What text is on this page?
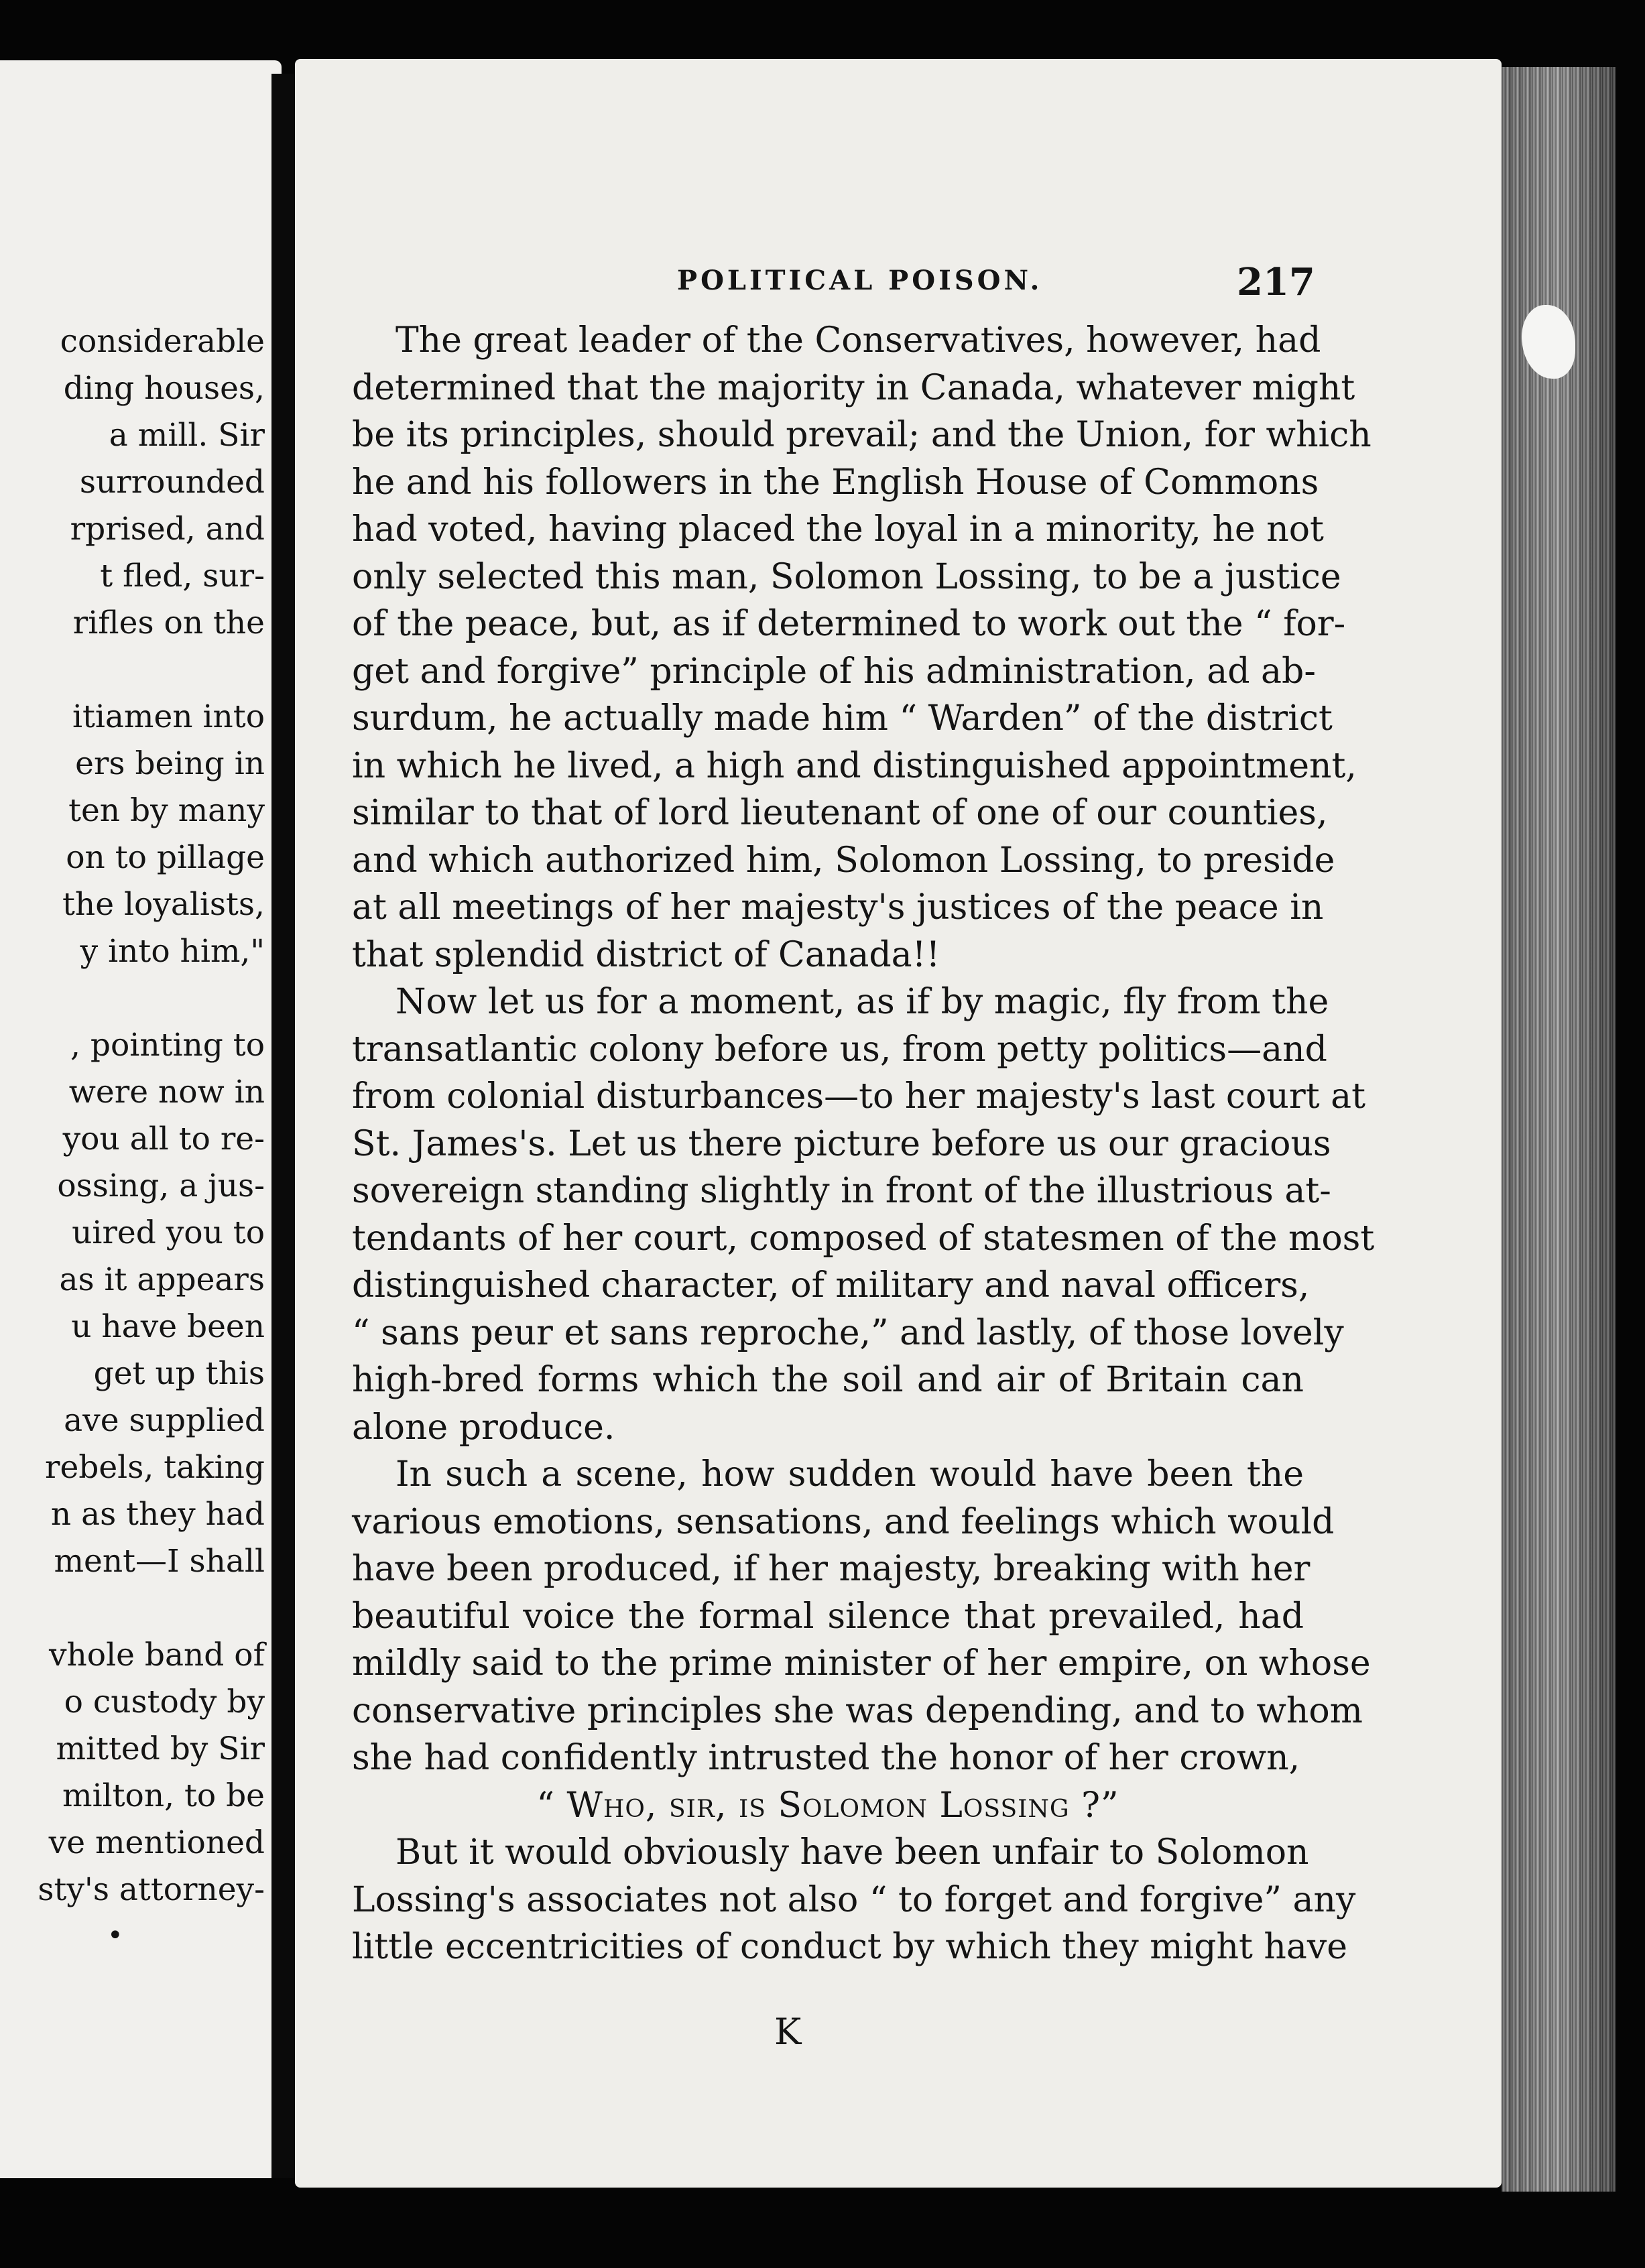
considerable
ding houses,
a mill. Sir
surrounded
rprised, and
t fled, sur-
rifles on the
itiamen into
ers being in
ten by many
on to pillage
the loyalists,
y into him,"
, pointing to
were now in
you all to re-
ossing, a jus-
uired you to
as it appears
u have been
get up this
ave supplied
rebels, taking
n as they had
ment—I shall
vhole band of
o custody by
mitted by Sir
milton, to be
ve mentioned
sty's attorney-
•
POLITICAL POISON.	217
The great leader of the Conservatives, however, had
determined that the majority in Canada, whatever might
be its principles, should prevail; and the Union, for which
he and his followers in the English House of Commons
had voted, having placed the loyal in a minority, he not
only selected this man, Solomon Lossing, to be a justice
of the peace, but, as if determined to work out the “ for-
get and forgive” principle of his administration, ad ab-
surdum, he actually made him “ Warden” of the district
in which he lived, a high and distinguished appointment,
similar to that of lord lieutenant of one of our counties,
and which authorized him, Solomon Lossing, to preside
at all meetings of her majesty's justices of the peace in
that splendid district of Canada!!
Now let us for a moment, as if by magic, fly from the
transatlantic colony before us, from petty politics—and
from colonial disturbances—to her majesty's last court at
St. James's. Let us there picture before us our gracious
sovereign standing slightly in front of the illustrious at-
tendants of her court, composed of statesmen of the most
distinguished character, of military and naval officers,
“ sans peur et sans reproche,” and lastly, of those lovely
high-bred forms which the soil and air of Britain can
alone produce.
In such a scene, how sudden would have been the
various emotions, sensations, and feelings which would
have been produced, if her majesty, breaking with her
beautiful voice the formal silence that prevailed, had
mildly said to the prime minister of her empire, on whose
conservative principles she was depending, and to whom
she had confidently intrusted the honor of her crown,
“ Who, sir, is Solomon Lossing ?”
But it would obviously have been unfair to Solomon
Lossing's associates not also “ to forget and forgive” any
little eccentricities of conduct by which they might have
K
